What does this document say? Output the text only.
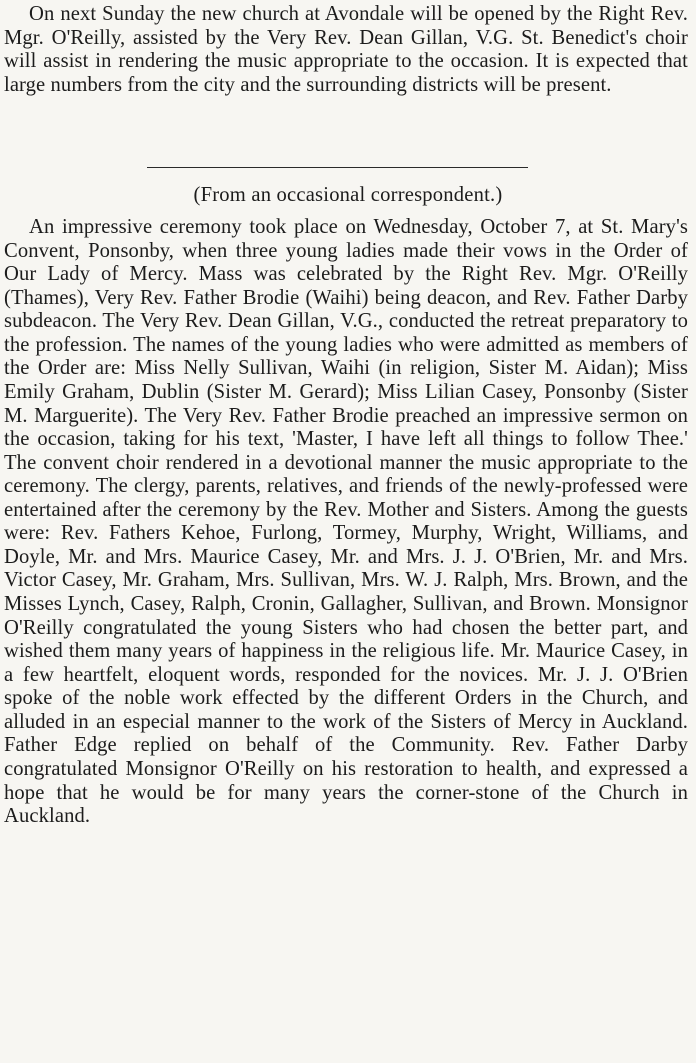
On next Sunday the new church at Avondale will be opened by the Right Rev. Mgr. O'Reilly, assisted by the Very Rev. Dean Gillan, V.G. St. Benedict's choir will assist in rendering the music appropriate to the occasion. It is expected that large numbers from the city and the surrounding districts will be present.

(From an occasional correspondent.)

An impressive ceremony took place on Wednesday, October 7, at St. Mary's Convent, Ponsonby, when three young ladies made their vows in the Order of Our Lady of Mercy. Mass was celebrated by the Right Rev. Mgr. O'Reilly (Thames), Very Rev. Father Brodie (Waihi) being deacon, and Rev. Father Darby subdeacon. The Very Rev. Dean Gillan, V.G., conducted the retreat preparatory to the profession. The names of the young ladies who were admitted as members of the Order are: Miss Nelly Sullivan, Waihi (in religion, Sister M. Aidan); Miss Emily Graham, Dublin (Sister M. Gerard); Miss Lilian Casey, Ponsonby (Sister M. Marguerite). The Very Rev. Father Brodie preached an impressive sermon on the occasion, taking for his text, 'Master, I have left all things to follow Thee.' The convent choir rendered in a devotional manner the music appropriate to the ceremony. The clergy, parents, relatives, and friends of the newly-professed were entertained after the ceremony by the Rev. Mother and Sisters. Among the guests were: Rev. Fathers Kehoe, Furlong, Tormey, Murphy, Wright, Williams, and Doyle, Mr. and Mrs. Maurice Casey, Mr. and Mrs. J. J. O'Brien, Mr. and Mrs. Victor Casey, Mr. Graham, Mrs. Sullivan, Mrs. W. J. Ralph, Mrs. Brown, and the Misses Lynch, Casey, Ralph, Cronin, Gallagher, Sullivan, and Brown. Monsignor O'Reilly congratulated the young Sisters who had chosen the better part, and wished them many years of happiness in the religious life. Mr. Maurice Casey, in a few heartfelt, eloquent words, responded for the novices. Mr. J. J. O'Brien spoke of the noble work effected by the different Orders in the Church, and alluded in an especial manner to the work of the Sisters of Mercy in Auckland. Father Edge replied on behalf of the Community. Rev. Father Darby congratulated Monsignor O'Reilly on his restoration to health, and expressed a hope that he would be for many years the corner-stone of the Church in Auckland.
